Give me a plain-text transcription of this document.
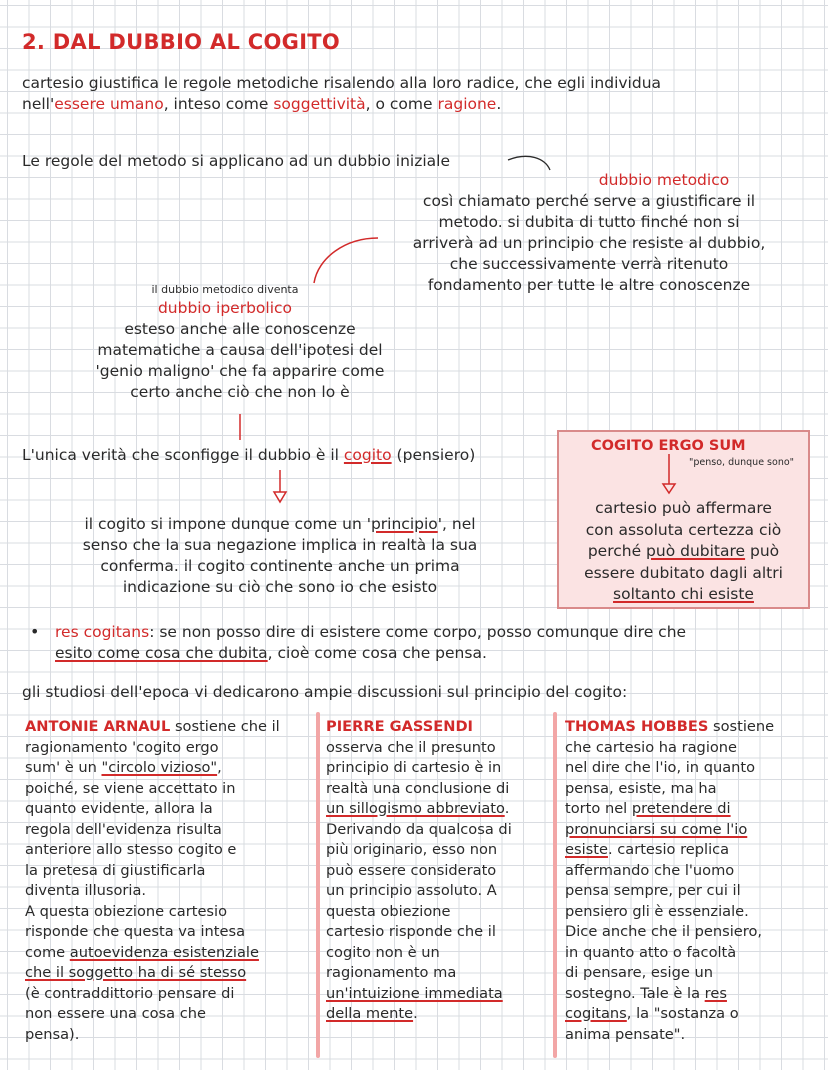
2. DAL DUBBIO AL COGITO
cartesio giustifica le regole metodiche risalendo alla loro radice, che egli individua
nell'essere umano, inteso come soggettività, o come ragione.
Le regole del metodo si applicano ad un dubbio iniziale
dubbio metodico
così chiamato perché serve a giustificare il
metodo. si dubita di tutto finché non si
arriverà ad un principio che resiste al dubbio,
che successivamente verrà ritenuto
fondamento per tutte le altre conoscenze
il dubbio metodico diventa
dubbio iperbolico
esteso anche alle conoscenze
matematiche a causa dell'ipotesi del
'genio maligno' che fa apparire come
certo anche ciò che non lo è
L'unica verità che sconfigge il dubbio è il cogito (pensiero)	COGITO ERGO SUM
"penso, dunque sono"
cartesio può affermare
con assoluta certezza ciò
perché può dubitare può
essere dubitato dagli altri
soltanto chi esiste
il cogito si impone dunque come un 'principio', nel
senso che la sua negazione implica in realtà la sua
conferma. il cogito continente anche un prima
indicazione su ciò che sono io che esisto
• res cogitans: se non posso dire di esistere come corpo, posso comunque dire che
esito come cosa che dubita, cioè come cosa che pensa.
gli studiosi dell'epoca vi dedicarono ampie discussioni sul principio del cogito:
ANTONIE ARNAUL sostiene che il
ragionamento 'cogito ergo
sum' è un "circolo vizioso",
poiché, se viene accettato in
quanto evidente, allora la
regola dell'evidenza risulta
anteriore allo stesso cogito e
la pretesa di giustificarla
diventa illusoria.
A questa obiezione cartesio
risponde che questa va intesa
come autoevidenza esistenziale
che il soggetto ha di sé stesso
(è contraddittorio pensare di
non essere una cosa che
pensa).
PIERRE GASSENDI
osserva che il presunto
principio di cartesio è in
realtà una conclusione di
un sillogismo abbreviato.
Derivando da qualcosa di
più originario, esso non
può essere considerato
un principio assoluto. A
questa obiezione
cartesio risponde che il
cogito non è un
ragionamento ma
un'intuizione immediata
della mente.
THOMAS HOBBES sostiene
che cartesio ha ragione
nel dire che l'io, in quanto
pensa, esiste, ma ha
torto nel pretendere di
pronunciarsi su come l'io
esiste. cartesio replica
affermando che l'uomo
pensa sempre, per cui il
pensiero gli è essenziale.
Dice anche che il pensiero,
in quanto atto o facoltà
di pensare, esige un
sostegno. Tale è la res
cogitans, la "sostanza o
anima pensate".
